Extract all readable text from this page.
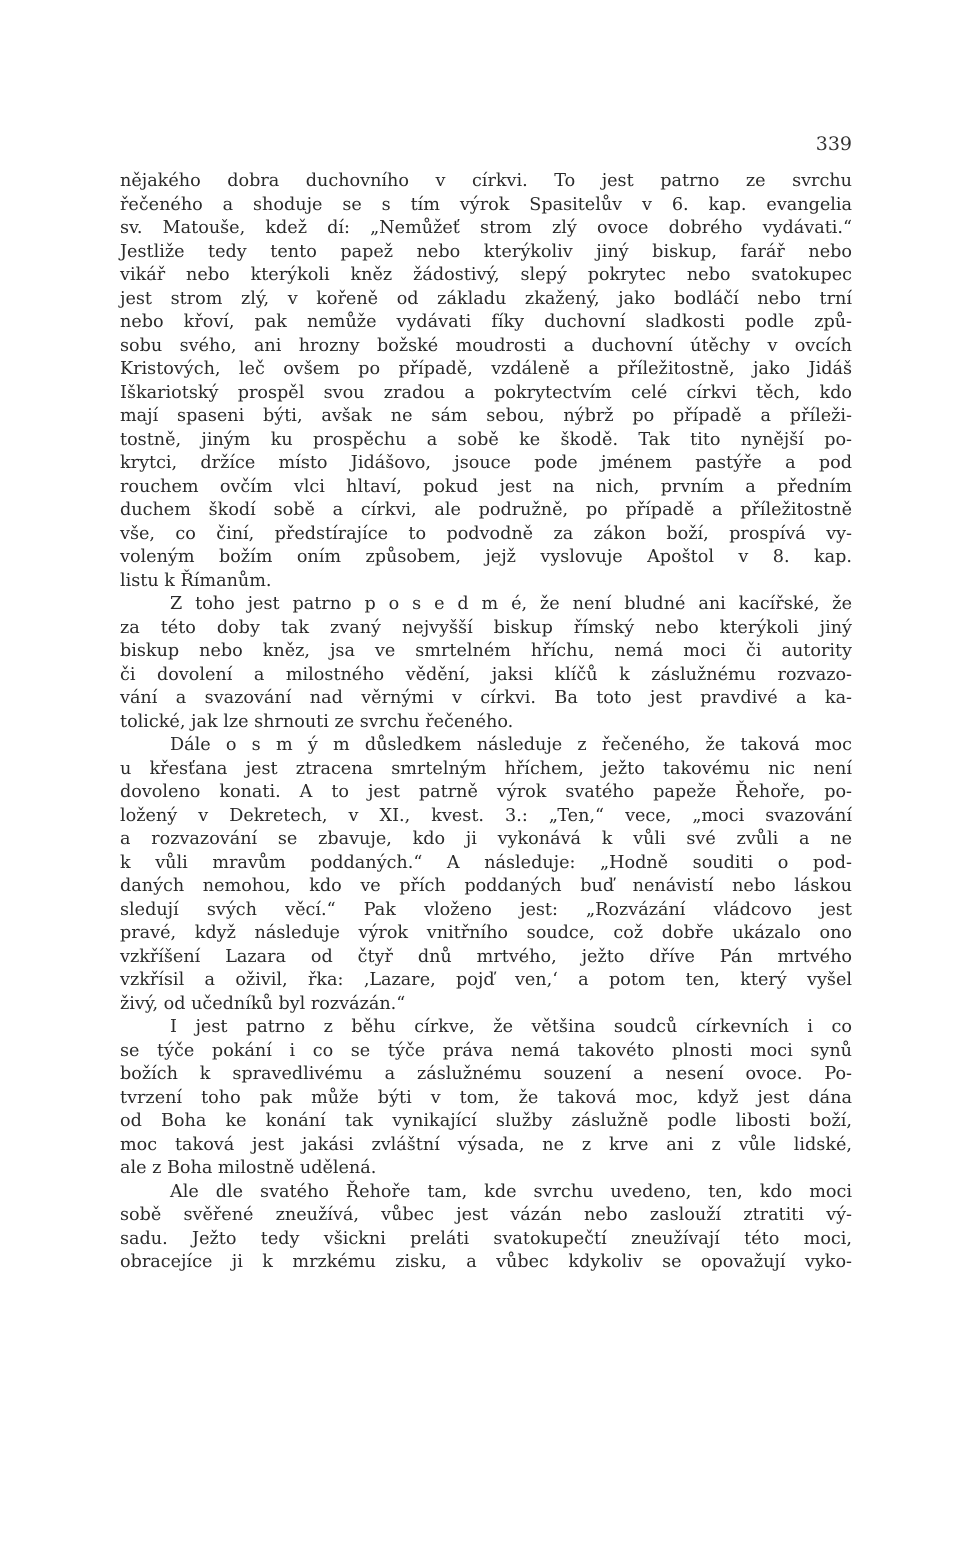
339
nějakého dobra duchovního v církvi. To jest patrno ze svrchu
řečeného a shoduje se s tím výrok Spasitelův v 6. kap. evangelia
sv. Matouše, kdež dí: „Nemůžeť strom zlý ovoce dobrého vydávati.“
Jestliže tedy tento papež nebo kterýkoliv jiný biskup, farář nebo
vikář nebo kterýkoli kněz žádostivý, slepý pokrytec nebo svatokupec
jest strom zlý, v kořeně od základu zkažený, jako bodláčí nebo trní
nebo křoví, pak nemůže vydávati fíky duchovní sladkosti podle způ-
sobu svého, ani hrozny božské moudrosti a duchovní útěchy v ovcích
Kristových, leč ovšem po případě, vzdáleně a příležitostně, jako Jidáš
Iškariotský prospěl svou zradou a pokrytectvím celé církvi těch, kdo
mají spaseni býti, avšak ne sám sebou, nýbrž po případě a příleži-
tostně, jiným ku prospěchu a sobě ke škodě. Tak tito nynější po-
krytci, držíce místo Jidášovo, jsouce pode jménem pastýře a pod
rouchem ovčím vlci hltaví, pokud jest na nich, prvním a předním
duchem škodí sobě a církvi, ale podružně, po případě a příležitostně
vše, co činí, předstírajíce to podvodně za zákon boží, prospívá vy-
voleným božím oním způsobem, jejž vyslovuje Apoštol v 8. kap.
listu k Římanům.
Z toho jest patrno p o s e d m é, že není bludné ani kacířské, že
za této doby tak zvaný nejvyšší biskup římský nebo kterýkoli jiný
biskup nebo kněz, jsa ve smrtelném hříchu, nemá moci či autority
či dovolení a milostného vědění, jaksi klíčů k záslužnému rozvazo-
vání a svazování nad věrnými v církvi. Ba toto jest pravdivé a ka-
tolické, jak lze shrnouti ze svrchu řečeného.
Dále o s m ý m důsledkem následuje z řečeného, že taková moc
u křesťana jest ztracena smrtelným hříchem, ježto takovému nic není
dovoleno konati. A to jest patrně výrok svatého papeže Řehoře, po-
ložený v Dekretech, v XI., kvest. 3.: „Ten,“ vece, „moci svazování
a rozvazování se zbavuje, kdo ji vykonává k vůli své zvůli a ne
k vůli mravům poddaných.“ A následuje: „Hodně souditi o pod-
daných nemohou, kdo ve přích poddaných buď nenávistí nebo láskou
sledují svých věcí.“ Pak vloženo jest: „Rozvázání vládcovo jest
pravé, když následuje výrok vnitřního soudce, což dobře ukázalo ono
vzkříšení Lazara od čtyř dnů mrtvého, ježto dříve Pán mrtvého
vzkřísil a oživil, řka: ‚Lazare, pojď ven,‘ a potom ten, který vyšel
živý, od učedníků byl rozvázán.“
I jest patrno z běhu církve, že většina soudců církevních i co
se týče pokání i co se týče práva nemá takovéto plnosti moci synů
božích k spravedlivému a záslužnému souzení a nesení ovoce. Po-
tvrzení toho pak může býti v tom, že taková moc, když jest dána
od Boha ke konání tak vynikající služby záslužně podle libosti boží,
moc taková jest jakási zvláštní výsada, ne z krve ani z vůle lidské,
ale z Boha milostně udělená.
Ale dle svatého Řehoře tam, kde svrchu uvedeno, ten, kdo moci
sobě svěřené zneužívá, vůbec jest vázán nebo zaslouží ztratiti vý-
sadu. Ježto tedy všickni preláti svatokupečtí zneužívají této moci,
obracejíce ji k mrzkému zisku, a vůbec kdykoliv se opovažují vyko-
